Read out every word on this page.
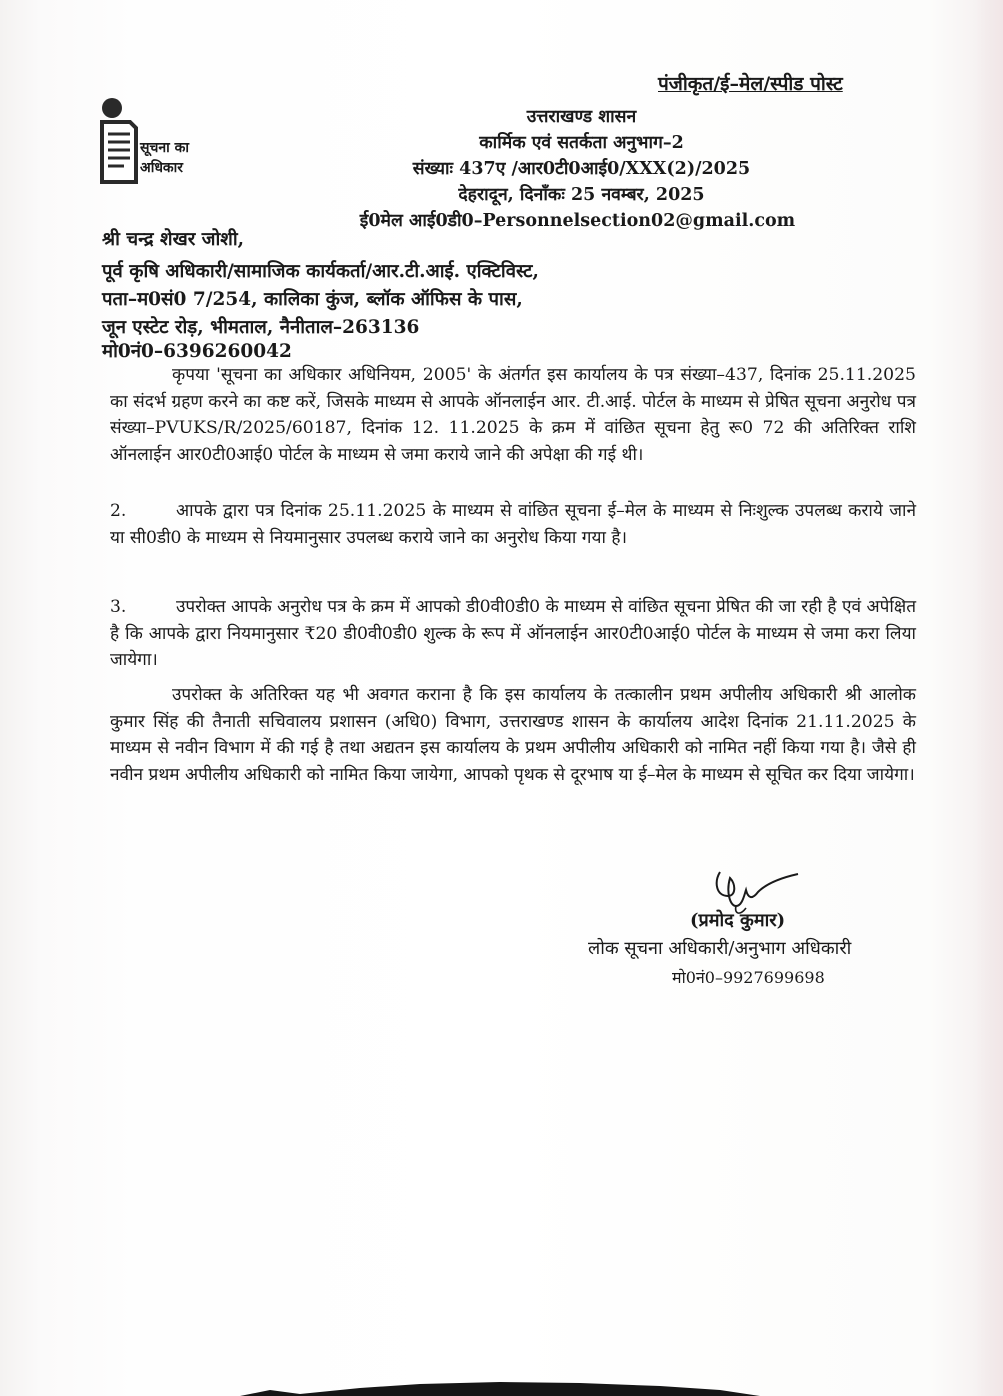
पंजीकृत/ई–मेल/स्पीड पोस्ट
सूचना का
अधिकार
उत्तराखण्ड शासन
कार्मिक एवं सतर्कता अनुभाग–2
संख्याः 437ए /आर0टी0आई0/XXX(2)/2025
देहरादून, दिनाँकः 25 नवम्बर, 2025
ई0मेल आई0डी0–Personnelsection02@gmail.com
श्री चन्द्र शेखर जोशी,
पूर्व कृषि अधिकारी/सामाजिक कार्यकर्ता/आर.टी.आई. एक्टिविस्ट,
पता–म0सं0 7/254, कालिका कुंज, ब्लॉक ऑफिस के पास,
जून एस्टेट रोड़, भीमताल, नैनीताल–263136
मो0नं0–6396260042

कृपया 'सूचना का अधिकार अधिनियम, 2005' के अंतर्गत इस कार्यालय के पत्र संख्या–437, दिनांक 25.11.2025 का संदर्भ ग्रहण करने का कष्ट करें, जिसके माध्यम से आपके ऑनलाईन आर. टी.आई. पोर्टल के माध्यम से प्रेषित सूचना अनुरोध पत्र संख्या–PVUKS/R/2025/60187, दिनांक 12. 11.2025 के क्रम में वांछित सूचना हेतु रू0 72 की अतिरिक्त राशि ऑनलाईन आर0टी0आई0 पोर्टल के माध्यम से जमा कराये जाने की अपेक्षा की गई थी।

2.	आपके द्वारा पत्र दिनांक 25.11.2025 के माध्यम से वांछित सूचना ई–मेल के माध्यम से निःशुल्क उपलब्ध कराये जाने या सी0डी0 के माध्यम से नियमानुसार उपलब्ध कराये जाने का अनुरोध किया गया है।

3.	उपरोक्त आपके अनुरोध पत्र के क्रम में आपको डी0वी0डी0 के माध्यम से वांछित सूचना प्रेषित की जा रही है एवं अपेक्षित है कि आपके द्वारा नियमानुसार ₹20 डी0वी0डी0 शुल्क के रूप में ऑनलाईन आर0टी0आई0 पोर्टल के माध्यम से जमा करा लिया जायेगा।

उपरोक्त के अतिरिक्त यह भी अवगत कराना है कि इस कार्यालय के तत्कालीन प्रथम अपीलीय अधिकारी श्री आलोक कुमार सिंह की तैनाती सचिवालय प्रशासन (अधि0) विभाग, उत्तराखण्ड शासन के कार्यालय आदेश दिनांक 21.11.2025 के माध्यम से नवीन विभाग में की गई है तथा अद्यतन इस कार्यालय के प्रथम अपीलीय अधिकारी को नामित नहीं किया गया है। जैसे ही नवीन प्रथम अपीलीय अधिकारी को नामित किया जायेगा, आपको पृथक से दूरभाष या ई–मेल के माध्यम से सूचित कर दिया जायेगा।

(प्रमोद कुमार)
लोक सूचना अधिकारी/अनुभाग अधिकारी
मो0नं0–9927699698
